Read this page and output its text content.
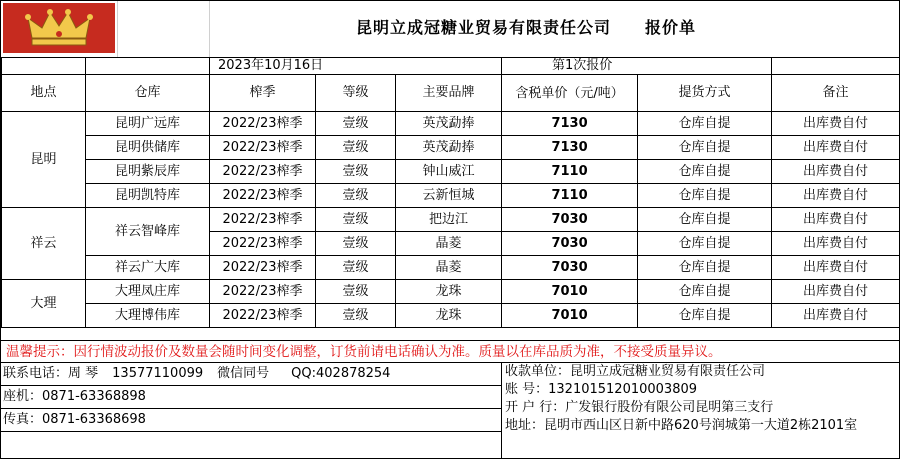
昆明立成冠糖业贸易有限责任公司 报价单
		2023年10月16日			第1次报价		
地点	仓库	榨季	等级	主要品牌	含税单价（元/吨）	提货方式	备注
昆明	昆明广远库	2022/23榨季	壹级	英茂勐捧	7130	仓库自提	出库费自付
	昆明供储库	2022/23榨季	壹级	英茂勐捧	7130	仓库自提	出库费自付
	昆明紫辰库	2022/23榨季	壹级	钟山威江	7110	仓库自提	出库费自付
	昆明凯特库	2022/23榨季	壹级	云新恒城	7110	仓库自提	出库费自付
祥云	祥云智峰库	2022/23榨季	壹级	把边江	7030	仓库自提	出库费自付
		2022/23榨季	壹级	晶菱	7030	仓库自提	出库费自付
	祥云广大库	2022/23榨季	壹级	晶菱	7030	仓库自提	出库费自付
大理	大理凤庄库	2022/23榨季	壹级	龙珠	7010	仓库自提	出库费自付
	大理博伟库	2022/23榨季	壹级	龙珠	7010	仓库自提	出库费自付
温馨提示：因行情波动报价及数量会随时间变化调整，订货前请电话确认为准。质量以在库品质为准，不接受质量异议。
联系电话：周 琴 13577110099 微信同号 QQ:402878254
座机：0871-63368898
传真：0871-63368698
收款单位：昆明立成冠糖业贸易有限责任公司
账 号：132101512010003809
开 户 行：广发银行股份有限公司昆明第三支行
地址：昆明市西山区日新中路620号润城第一大道2栋2101室
